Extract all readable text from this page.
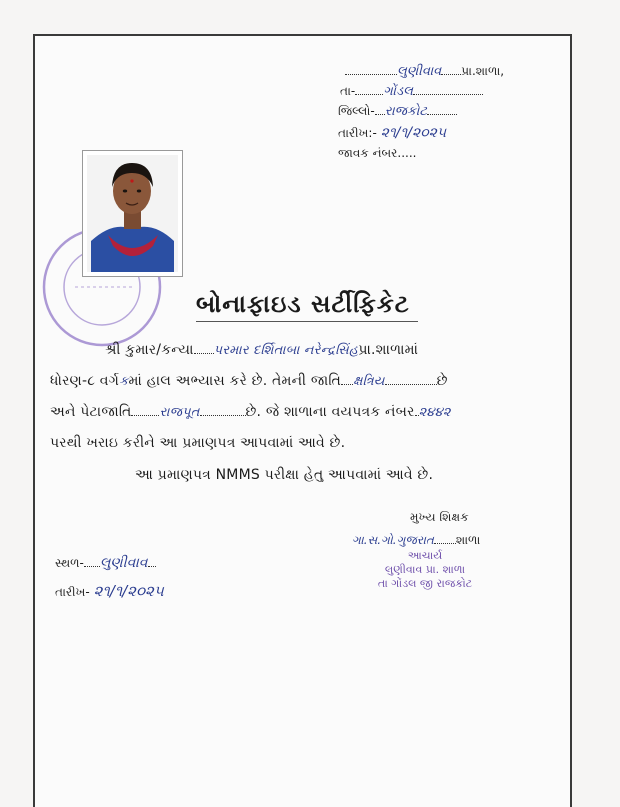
લુણીવાવ પ્રા.શાળા,
તા- ગોંડલ
જિલ્લો- રાજકોટ
તારીખ:- ૨૧/૧/૨૦૨૫
જાવક નંબર.....
બોનાફાઇડ સર્ટીફિકેટ
શ્રી કુમાર/કન્યા પરમાર દર્શિતાબા નરેન્દ્રસિંહપ્રા.શાળામાં
ધોરણ-૮ વર્ગકમાં હાલ અભ્યાસ કરે છે. તેમની જાતિ ક્ષત્રિય	છે
અને પેટાજાતિ રાજપૂત	છે. જે શાળાના વયપત્રક નંબર ૨૪૪૨
પરથી ખરાઇ કરીને આ પ્રમાણપત્ર આપવામાં આવે છે.
આ પ્રમાણપત્ર NMMS પરીક્ષા હેતુ આપવામાં આવે છે.
મુખ્ય શિક્ષક
ગા.સ.ગો.ગુજરાત શાળા
આચાર્ય
લુણીવાવ પ્રા. શાળા
તા ગોંડલ જી રાજકોટ
સ્થળ- લુણીવાવ
તારીખ- ૨૧/૧/૨૦૨૫
